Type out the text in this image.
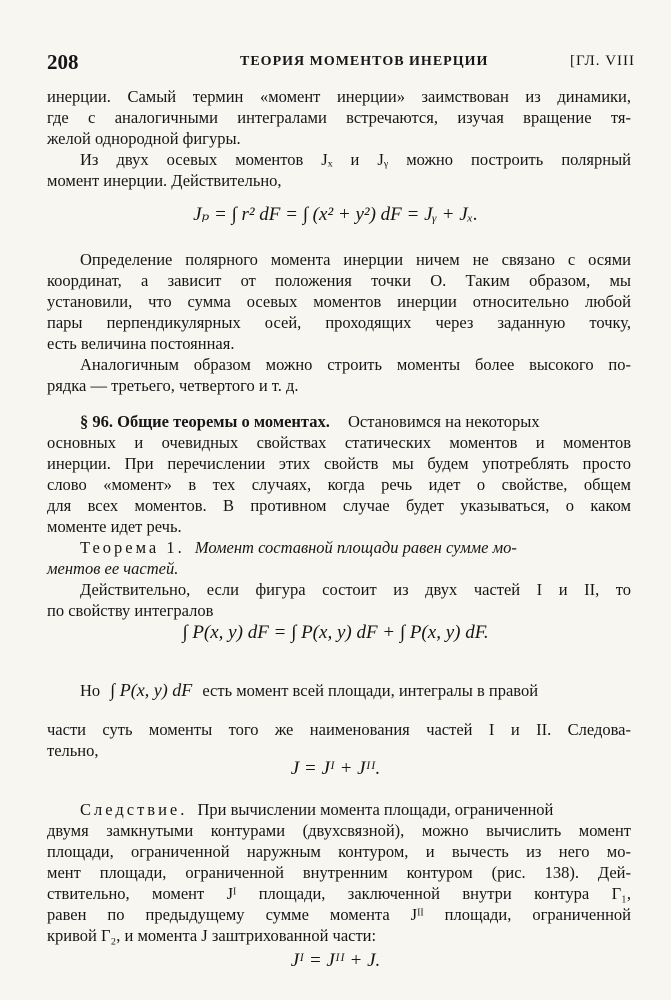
208	ТЕОРИЯ МОМЕНТОВ ИНЕРЦИИ	[ГЛ. VIII
инерции. Самый термин «момент инерции» заимствован из динамики,
где с аналогичными интегралами встречаются, изучая вращение тя-
желой однородной фигуры.
Из двух осевых моментов Jₓ и Jᵧ можно построить полярный
момент инерции. Действительно,
Jₚ = ∫ r² dF = ∫ (x² + y²) dF = Jᵧ + Jₓ.
Определение полярного момента инерции ничем не связано с осями
координат, а зависит от положения точки O. Таким образом, мы
установили, что сумма осевых моментов инерции относительно любой
пары перпендикулярных осей, проходящих через заданную точку,
есть величина постоянная.
Аналогичным образом можно строить моменты более высокого по-
рядка — третьего, четвертого и т. д.
§ 96. Общие теоремы о моментах. Остановимся на некоторых
основных и очевидных свойствах статических моментов и моментов
инерции. При перечислении этих свойств мы будем употреблять просто
слово «момент» в тех случаях, когда речь идет о свойстве, общем
для всех моментов. В противном случае будет указываться, о каком
моменте идет речь.
Теорема 1. Момент составной площади равен сумме мо-
ментов ее частей.
Действительно, если фигура состоит из двух частей I и II, то
по свойству интегралов
∫ P(x, y) dF = ∫ P(x, y) dF + ∫ P(x, y) dF.
Но ∫ P(x, y) dF есть момент всей площади, интегралы в правой
части суть моменты того же наименования частей I и II. Следова-
тельно,
J = Jᴵ + Jᴵᴵ.
Следствие. При вычислении момента площади, ограниченной
двумя замкнутыми контурами (двухсвязной), можно вычислить момент
площади, ограниченной наружным контуром, и вычесть из него мо-
мент площади, ограниченной внутренним контуром (рис. 138). Дей-
ствительно, момент Jᴵ площади, заключенной внутри контура Γ₁,
равен по предыдущему сумме момента Jᴵᴵ площади, ограниченной
кривой Γ₂, и момента J заштрихованной части:
Jᴵ = Jᴵᴵ + J.
